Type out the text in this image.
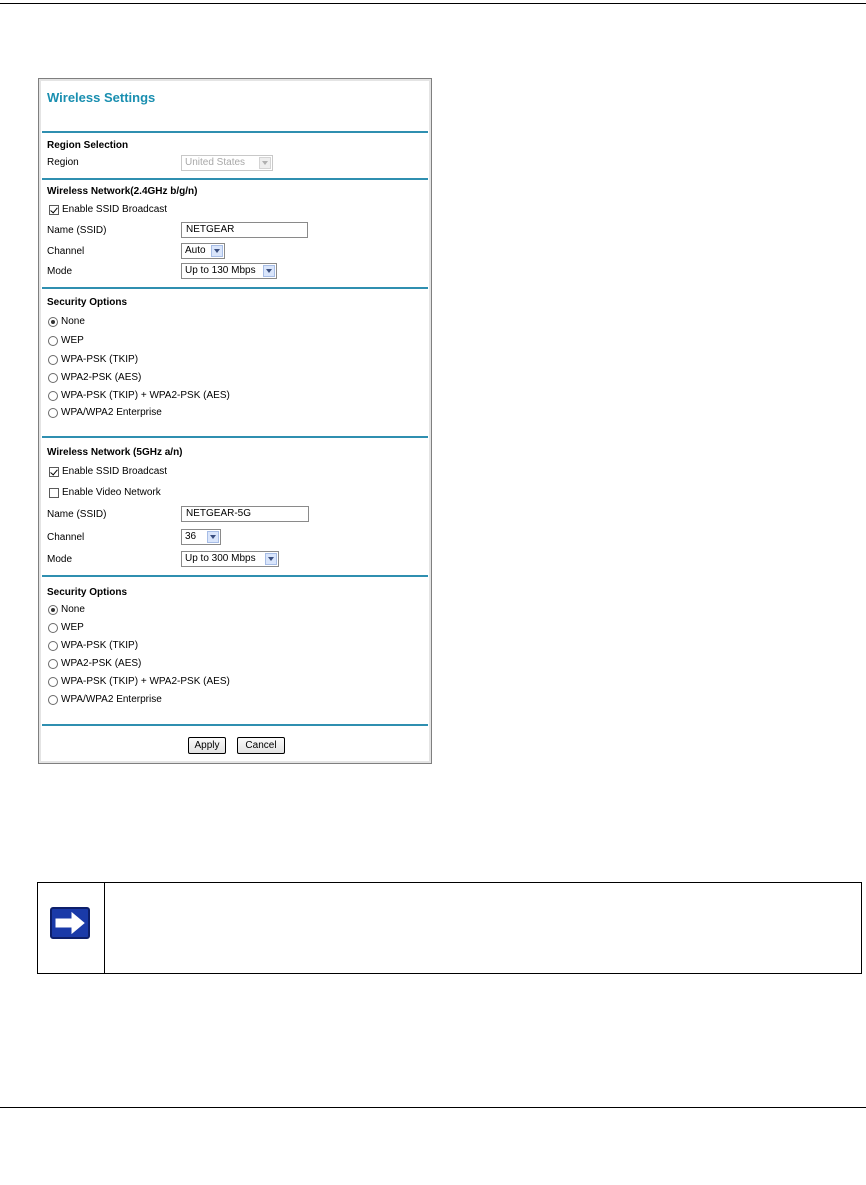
Wireless Settings
Region Selection
Region	United States
Wireless Network(2.4GHz b/g/n)
Enable SSID Broadcast
Name (SSID)	NETGEAR
Channel	Auto
Mode	Up to 130 Mbps
Security Options
None
WEP
WPA-PSK (TKIP)
WPA2-PSK (AES)
WPA-PSK (TKIP) + WPA2-PSK (AES)
WPA/WPA2 Enterprise
Wireless Network (5GHz a/n)
Enable SSID Broadcast
Enable Video Network
Name (SSID)	NETGEAR-5G
Channel	36
Mode	Up to 300 Mbps
Security Options
None
WEP
WPA-PSK (TKIP)
WPA2-PSK (AES)
WPA-PSK (TKIP) + WPA2-PSK (AES)
WPA/WPA2 Enterprise
Apply	Cancel
